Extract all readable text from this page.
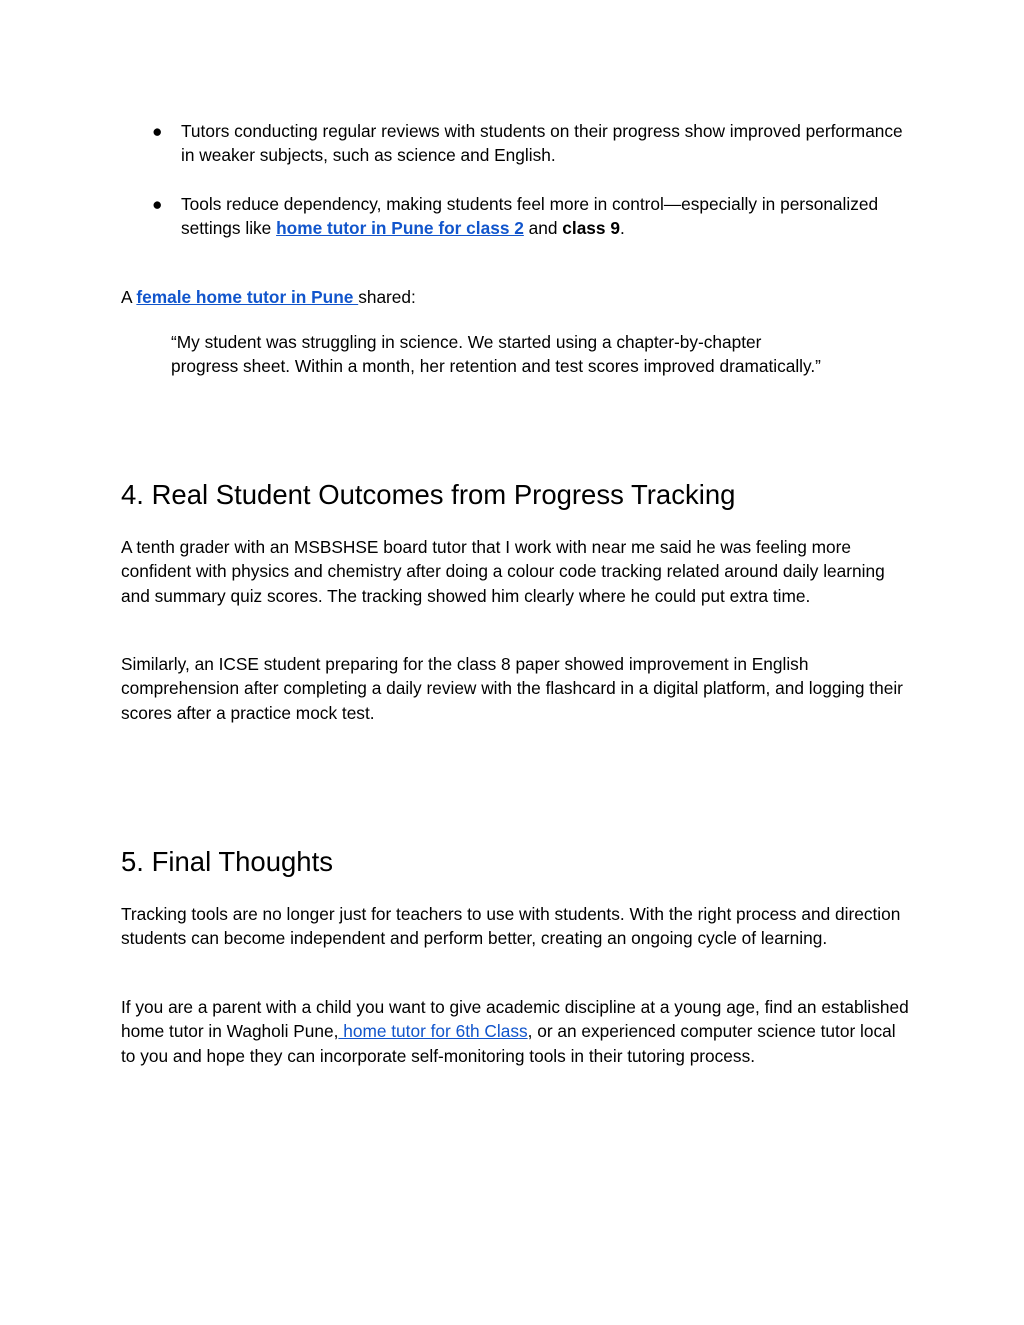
● Tutors conducting regular reviews with students on their progress show improved performance in weaker subjects, such as science and English.
● Tools reduce dependency, making students feel more in control—especially in personalized settings like home tutor in Pune for class 2 and class 9.

A female home tutor in Pune shared:

“My student was struggling in science. We started using a chapter-by-chapter progress sheet. Within a month, her retention and test scores improved dramatically.”

4. Real Student Outcomes from Progress Tracking

A tenth grader with an MSBSHSE board tutor that I work with near me said he was feeling more confident with physics and chemistry after doing a colour code tracking related around daily learning and summary quiz scores. The tracking showed him clearly where he could put extra time.

Similarly, an ICSE student preparing for the class 8 paper showed improvement in English comprehension after completing a daily review with the flashcard in a digital platform, and logging their scores after a practice mock test.

5. Final Thoughts

Tracking tools are no longer just for teachers to use with students. With the right process and direction students can become independent and perform better, creating an ongoing cycle of learning.

If you are a parent with a child you want to give academic discipline at a young age, find an established home tutor in Wagholi Pune, home tutor for 6th Class, or an experienced computer science tutor local to you and hope they can incorporate self-monitoring tools in their tutoring process.
